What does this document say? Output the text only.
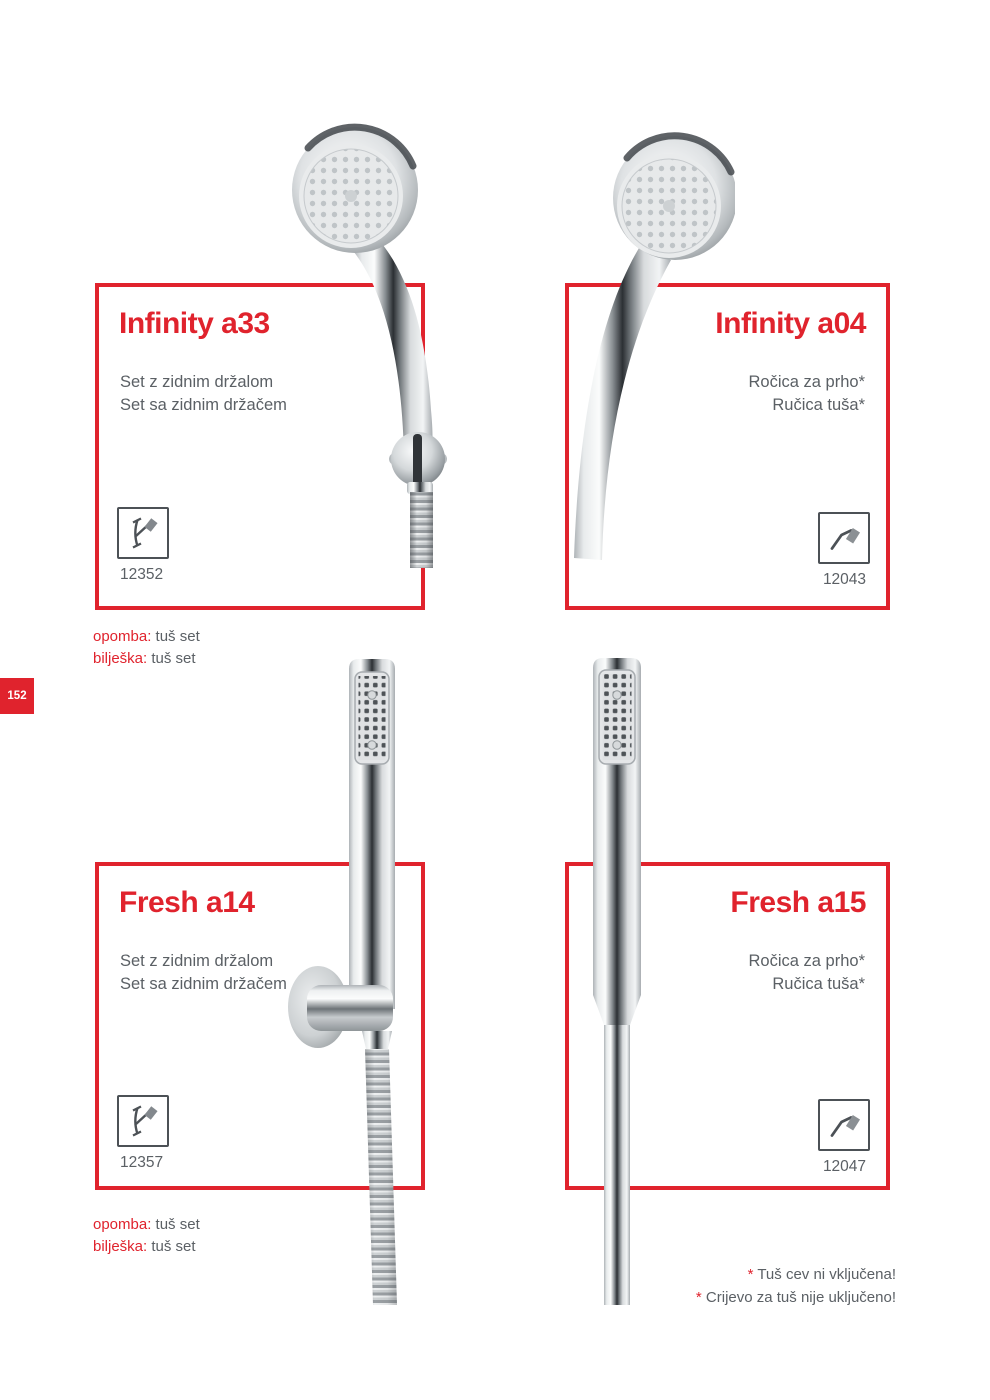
Infinity a33
Set z zidnim držalom
Set sa zidnim držačem
12352
Infinity a04
Ročica za prho*
Ručica tuša*
12043
Fresh a14
Set z zidnim držalom
Set sa zidnim držačem
12357
Fresh a15
Ročica za prho*
Ručica tuša*
12047
opomba: tuš set
bilješka: tuš set
opomba: tuš set
bilješka: tuš set
* Tuš cev ni vključena!
* Crijevo za tuš nije uključeno!
152
